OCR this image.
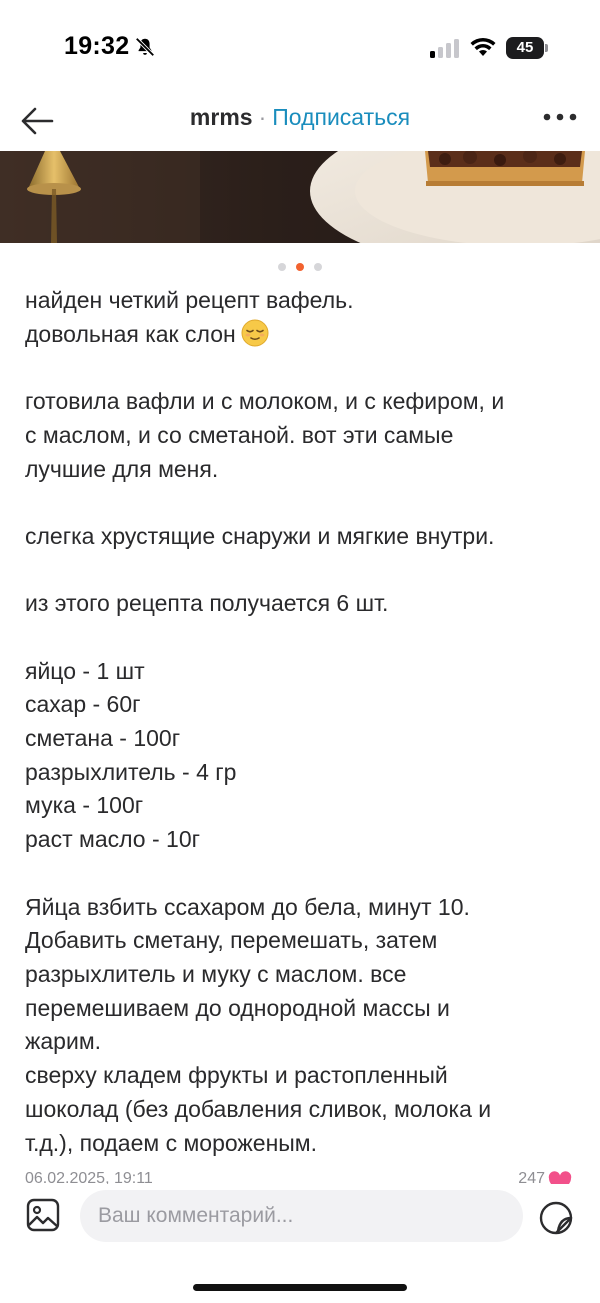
19:32	45
mrms · Подписаться

найден четкий рецепт вафель.

довольная как слон

готовила вафли и с молоком, и с кефиром, и

с маслом, и со сметаной. вот эти самые

лучшие для меня.

слегка хрустящие снаружи и мягкие внутри.

из этого рецепта получается 6 шт.

яйцо - 1 шт

сахар - 60г

сметана - 100г

разрыхлитель - 4 гр

мука - 100г

раст масло - 10г

Яйца взбить ссахаром до бела, минут 10.

Добавить сметану, перемешать, затем

разрыхлитель и муку с маслом. все

перемешиваем до однородной массы и

жарим.

сверху кладем фрукты и растопленный

шоколад (без добавления сливок, молока и

т.д.), подаем с мороженым.

06.02.2025, 19:11	247
Ваш комментарий...
